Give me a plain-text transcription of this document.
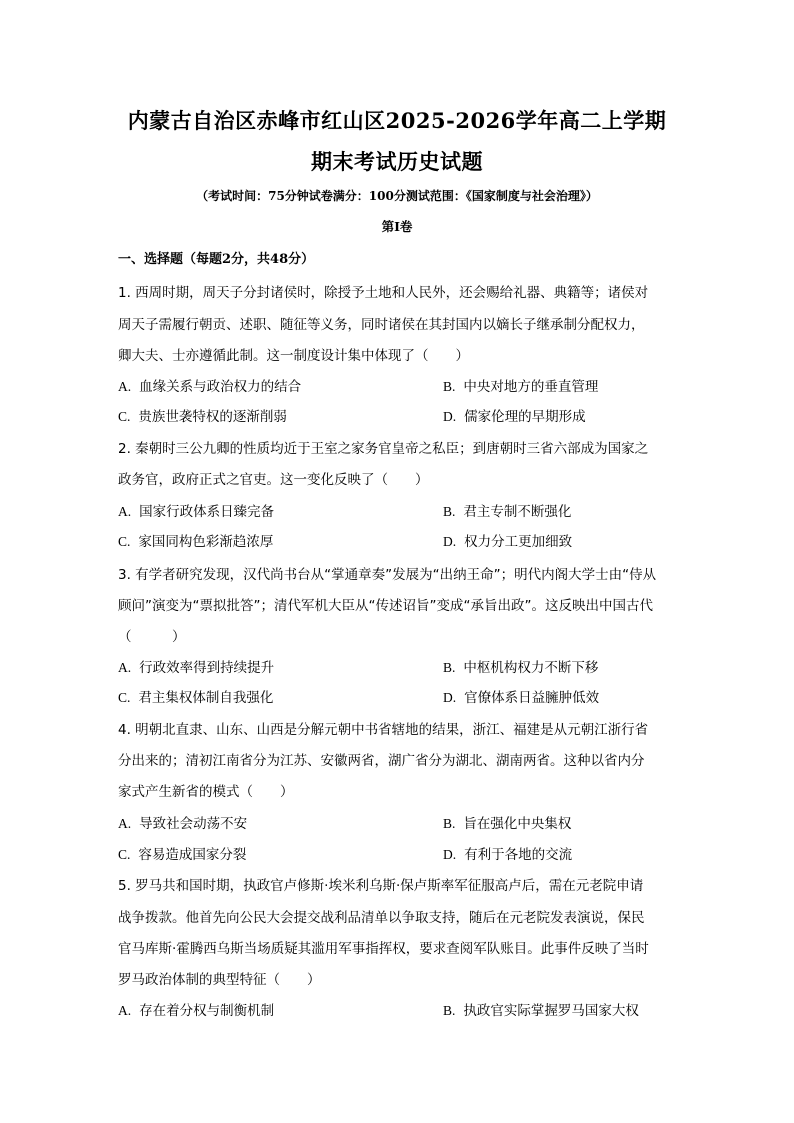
内蒙古自治区赤峰市红山区2025-2026学年高二上学期
期末考试历史试题
（考试时间：75分钟试卷满分：100分测试范围：《国家制度与社会治理》）
第Ⅰ卷
一、选择题（每题2分，共48分）
1. 西周时期，周天子分封诸侯时，除授予土地和人民外，还会赐给礼器、典籍等；诸侯对
周天子需履行朝贡、述职、随征等义务，同时诸侯在其封国内以嫡长子继承制分配权力，
卿大夫、士亦遵循此制。这一制度设计集中体现了（　　）
A. 血缘关系与政治权力的结合	B. 中央对地方的垂直管理
C. 贵族世袭特权的逐渐削弱	D. 儒家伦理的早期形成
2. 秦朝时三公九卿的性质均近于王室之家务官皇帝之私臣；到唐朝时三省六部成为国家之
政务官，政府正式之官吏。这一变化反映了（　　）
A. 国家行政体系日臻完备	B. 君主专制不断强化
C. 家国同构色彩渐趋浓厚	D. 权力分工更加细致
3. 有学者研究发现，汉代尚书台从“掌通章奏”发展为“出纳王命”；明代内阁大学士由“侍从
顾问”演变为“票拟批答”；清代军机大臣从“传述诏旨”变成“承旨出政”。这反映出中国古代
（　　　）
A. 行政效率得到持续提升	B. 中枢机构权力不断下移
C. 君主集权体制自我强化	D. 官僚体系日益臃肿低效
4. 明朝北直隶、山东、山西是分解元朝中书省辖地的结果，浙江、福建是从元朝江浙行省
分出来的；清初江南省分为江苏、安徽两省，湖广省分为湖北、湖南两省。这种以省内分
家式产生新省的模式（　　）
A. 导致社会动荡不安	B. 旨在强化中央集权
C. 容易造成国家分裂	D. 有利于各地的交流
5. 罗马共和国时期，执政官卢修斯·埃米利乌斯·保卢斯率军征服高卢后，需在元老院申请
战争拨款。他首先向公民大会提交战利品清单以争取支持，随后在元老院发表演说，保民
官马库斯·霍腾西乌斯当场质疑其滥用军事指挥权，要求查阅军队账目。此事件反映了当时
罗马政治体制的典型特征（　　）
A. 存在着分权与制衡机制	B. 执政官实际掌握罗马国家大权
